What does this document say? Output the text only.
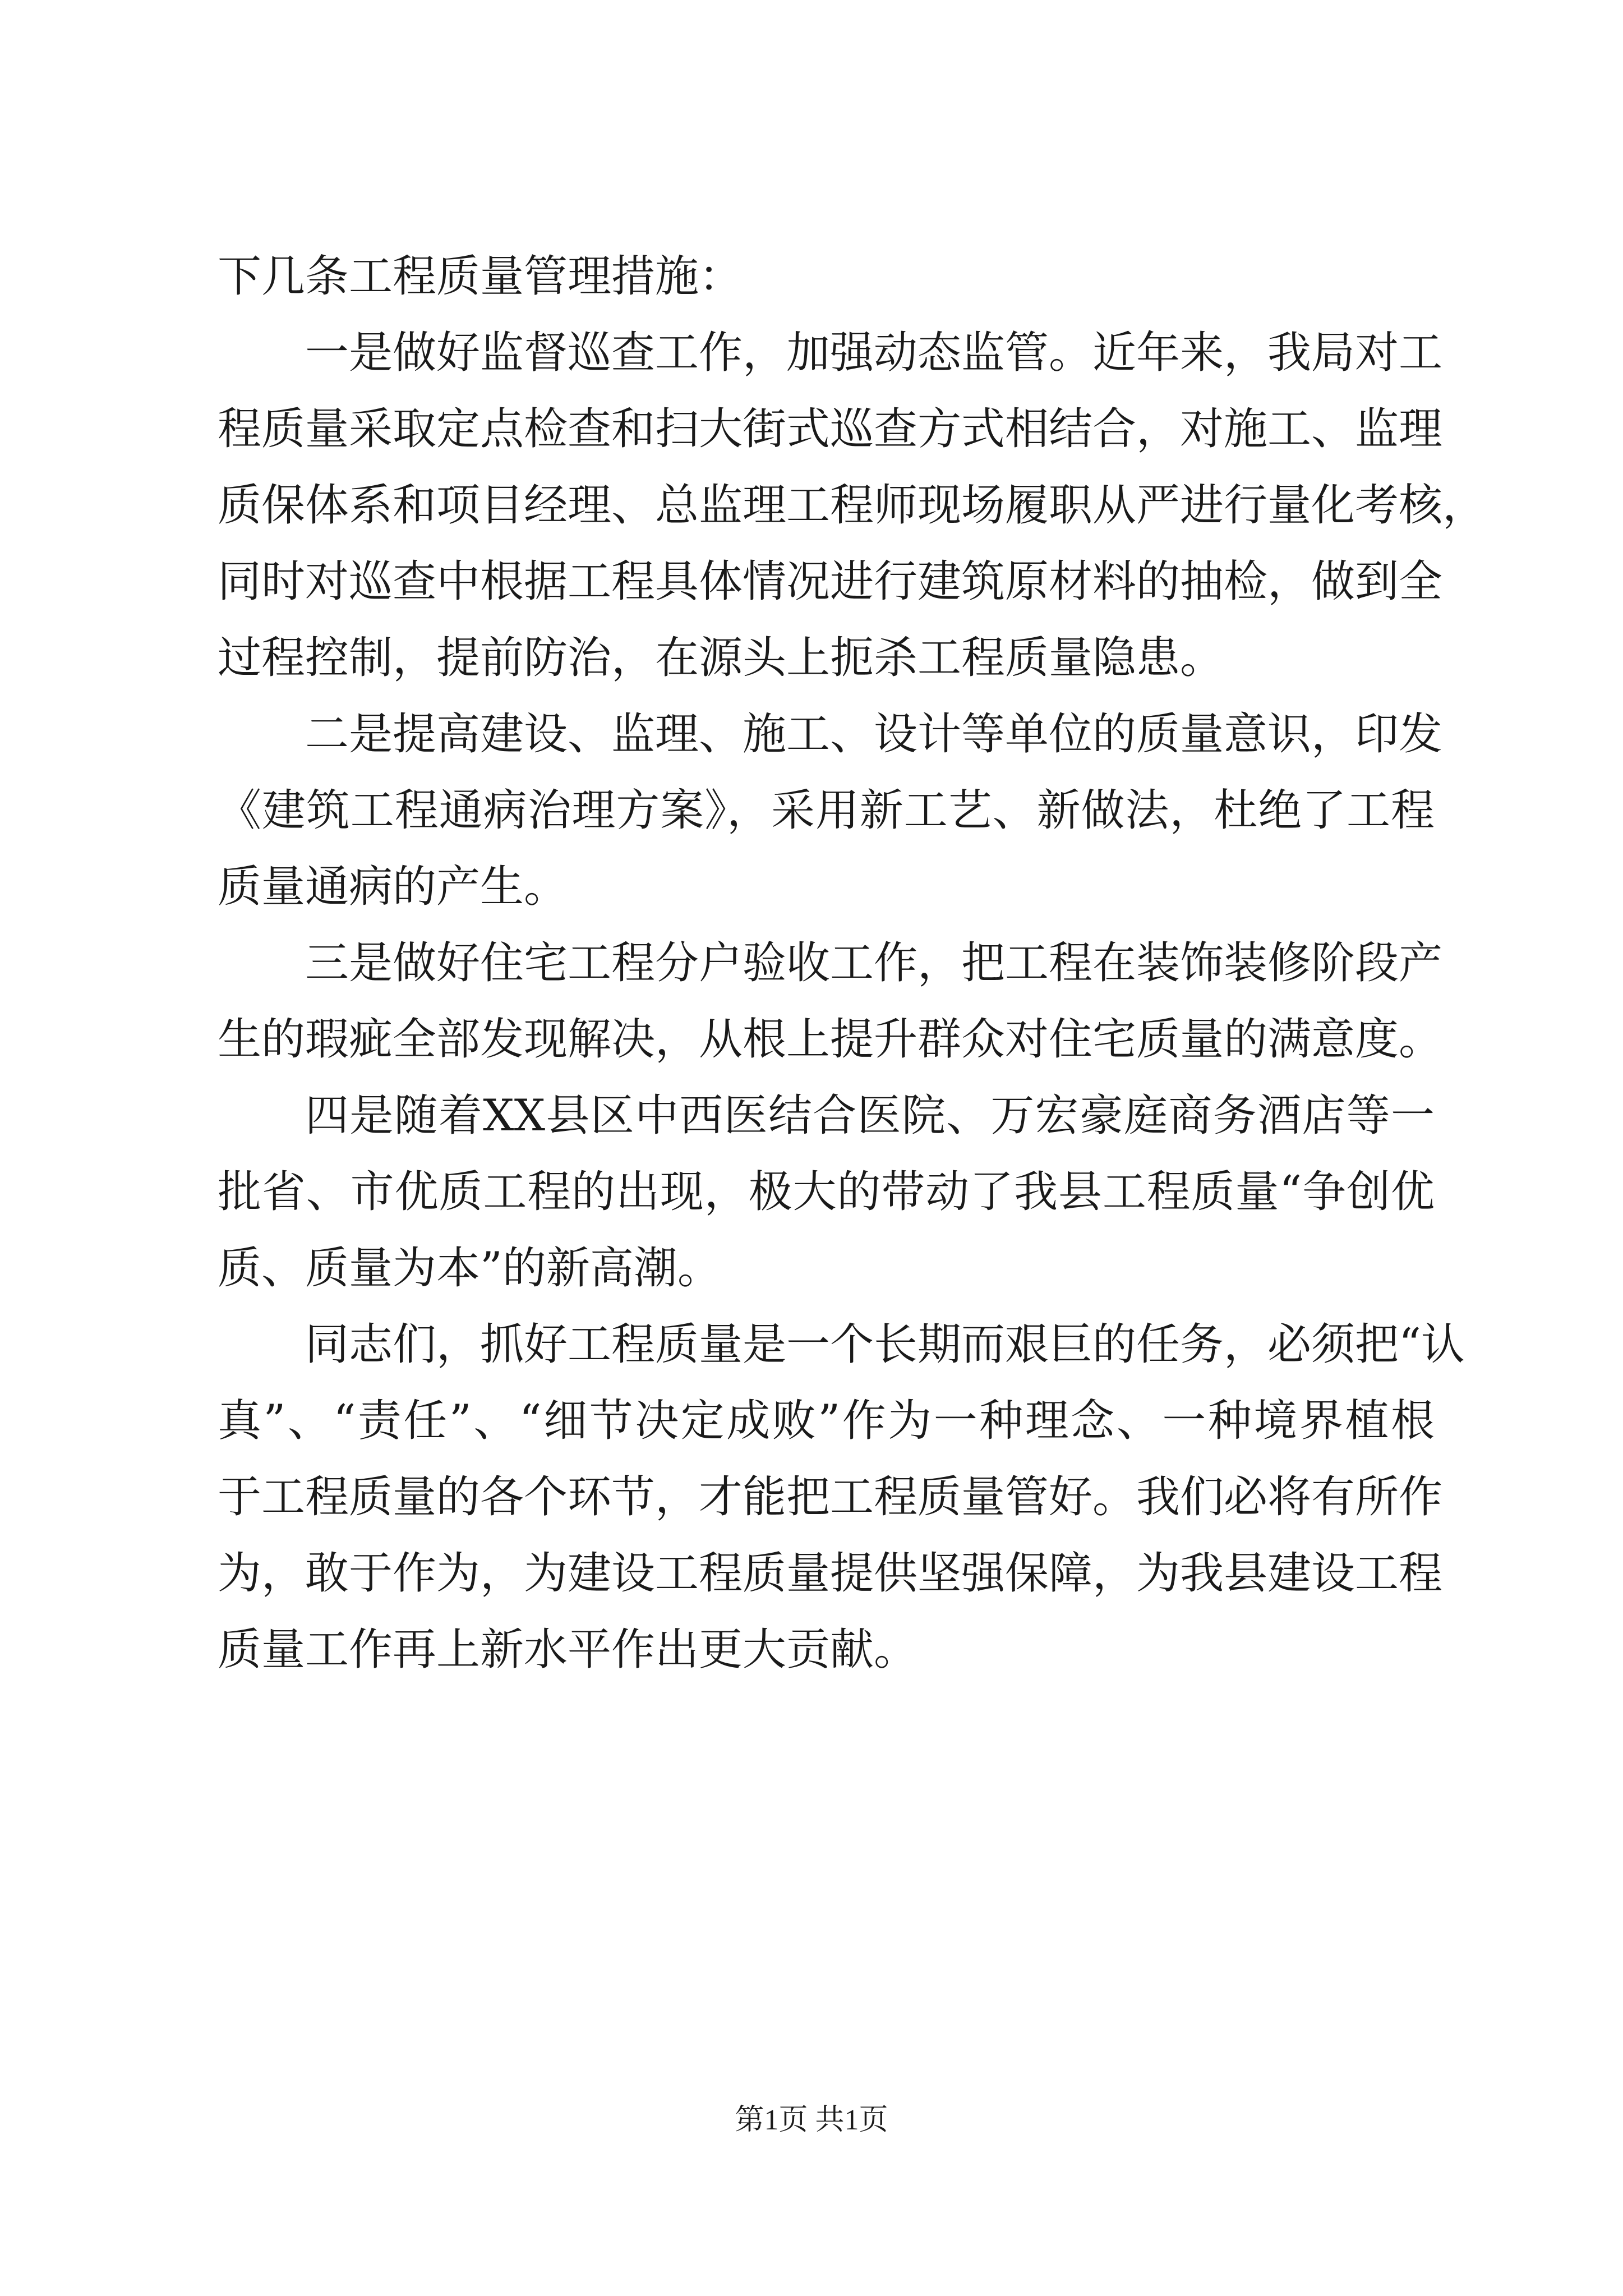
下几条工程质量管理措施：
一是做好监督巡查工作，加强动态监管。近年来，我局对工
程质量采取定点检查和扫大街式巡查方式相结合，对施工、监理
质保体系和项目经理、总监理工程师现场履职从严进行量化考核，
同时对巡查中根据工程具体情况进行建筑原材料的抽检，做到全
过程控制，提前防治，在源头上扼杀工程质量隐患。
二是提高建设、监理、施工、设计等单位的质量意识，印发
《建筑工程通病治理方案》，采用新工艺、新做法，杜绝了工程
质量通病的产生。
三是做好住宅工程分户验收工作，把工程在装饰装修阶段产
生的瑕疵全部发现解决，从根上提升群众对住宅质量的满意度。
四是随着XX县区中西医结合医院、万宏豪庭商务酒店等一
批省、市优质工程的出现，极大的带动了我县工程质量“争创优
质、质量为本”的新高潮。
同志们，抓好工程质量是一个长期而艰巨的任务，必须把“认
真”、“责任”、“细节决定成败”作为一种理念、一种境界植根
于工程质量的各个环节，才能把工程质量管好。我们必将有所作
为，敢于作为，为建设工程质量提供坚强保障，为我县建设工程
质量工作再上新水平作出更大贡献。
第1页 共1页
